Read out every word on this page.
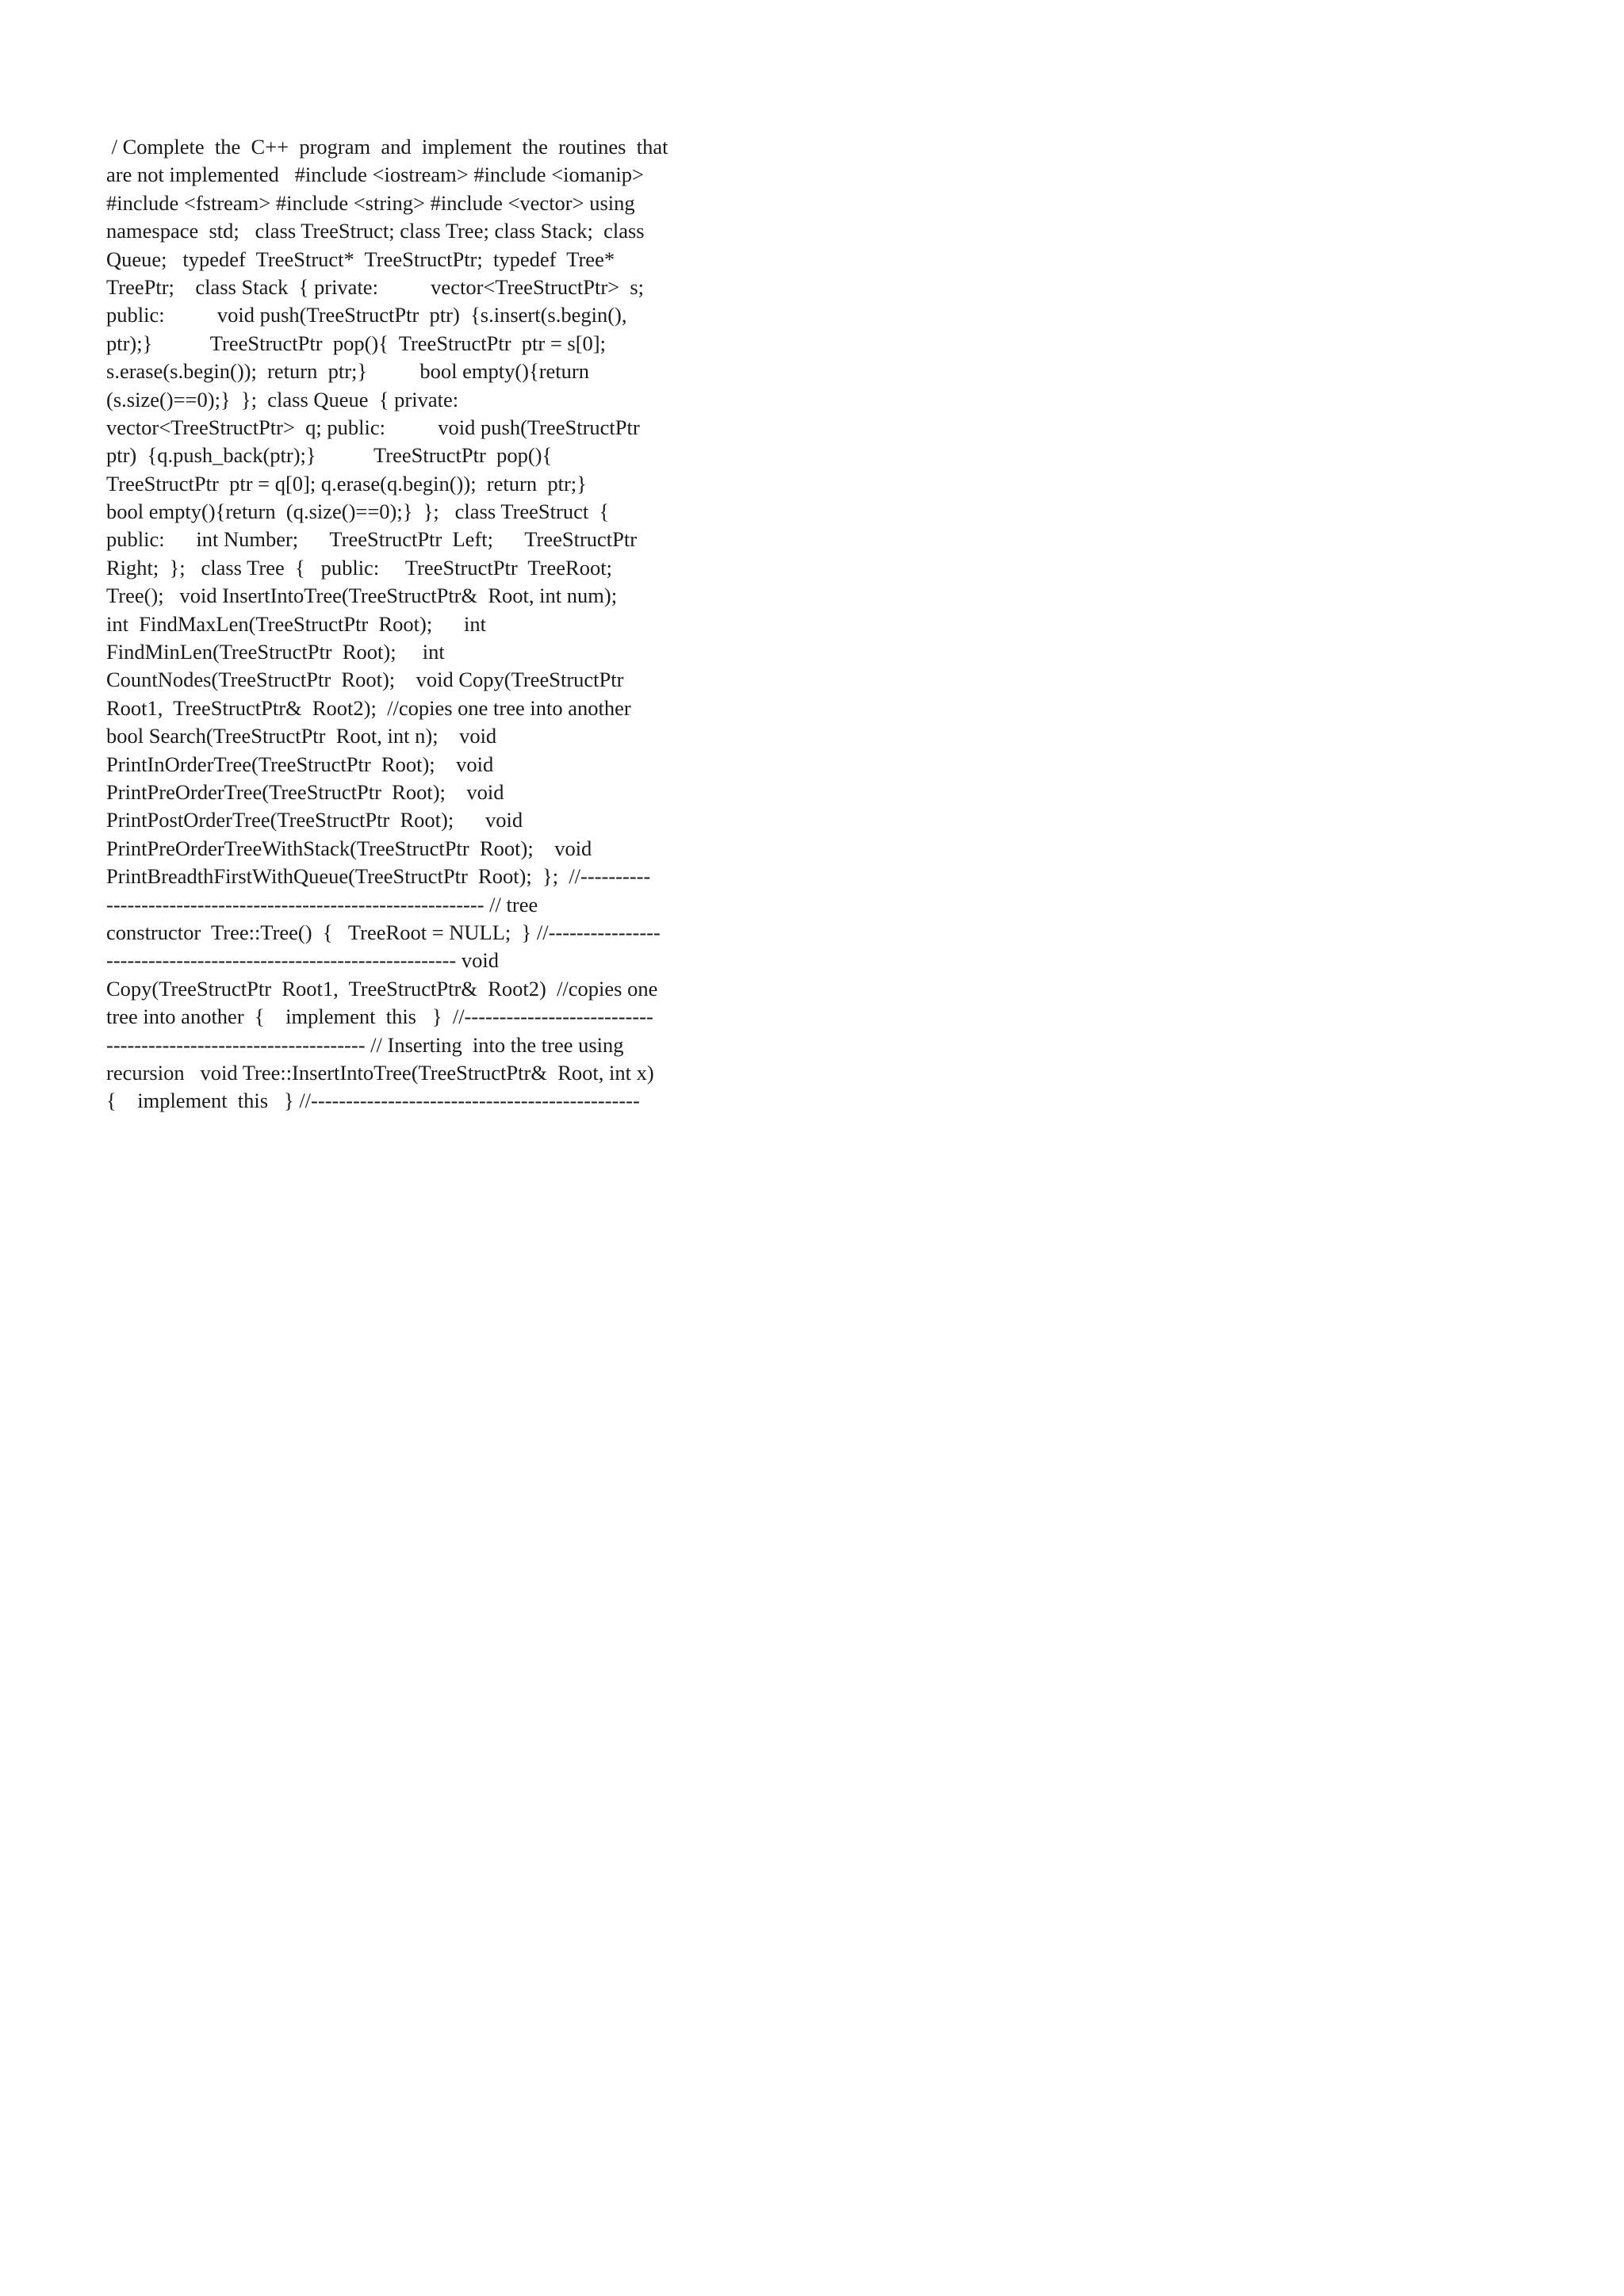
/ Complete  the  C++  program  and  implement  the  routines  that
are not implemented   #include <iostream> #include <iomanip>
#include <fstream> #include <string> #include <vector> using
namespace  std;   class TreeStruct; class Tree; class Stack;  class
Queue;   typedef  TreeStruct*  TreeStructPtr;  typedef  Tree*
TreePtr;    class Stack  { private:          vector<TreeStructPtr>  s;
public:          void push(TreeStructPtr  ptr)  {s.insert(s.begin(),
ptr);}           TreeStructPtr  pop(){  TreeStructPtr  ptr = s[0];
s.erase(s.begin());  return  ptr;}          bool empty(){return
(s.size()==0);}  };  class Queue  { private:
vector<TreeStructPtr>  q; public:          void push(TreeStructPtr
ptr)  {q.push_back(ptr);}           TreeStructPtr  pop(){
TreeStructPtr  ptr = q[0]; q.erase(q.begin());  return  ptr;}
bool empty(){return  (q.size()==0);}  };   class TreeStruct  {
public:      int Number;      TreeStructPtr  Left;      TreeStructPtr
Right;  };   class Tree  {   public:     TreeStructPtr  TreeRoot;
Tree();   void InsertIntoTree(TreeStructPtr&  Root, int num);
int  FindMaxLen(TreeStructPtr  Root);      int
FindMinLen(TreeStructPtr  Root);     int
CountNodes(TreeStructPtr  Root);    void Copy(TreeStructPtr
Root1,  TreeStructPtr&  Root2);  //copies one tree into another
bool Search(TreeStructPtr  Root, int n);    void
PrintInOrderTree(TreeStructPtr  Root);    void
PrintPreOrderTree(TreeStructPtr  Root);    void
PrintPostOrderTree(TreeStructPtr  Root);      void
PrintPreOrderTreeWithStack(TreeStructPtr  Root);    void
PrintBreadthFirstWithQueue(TreeStructPtr  Root);  };  //----------
------------------------------------------------------ // tree
constructor  Tree::Tree()  {   TreeRoot = NULL;  } //----------------
-------------------------------------------------- void
Copy(TreeStructPtr  Root1,  TreeStructPtr&  Root2)  //copies one
tree into another  {    implement  this   }  //---------------------------
------------------------------------- // Inserting  into the tree using
recursion   void Tree::InsertIntoTree(TreeStructPtr&  Root, int x)
{    implement  this   } //-----------------------------------------------
